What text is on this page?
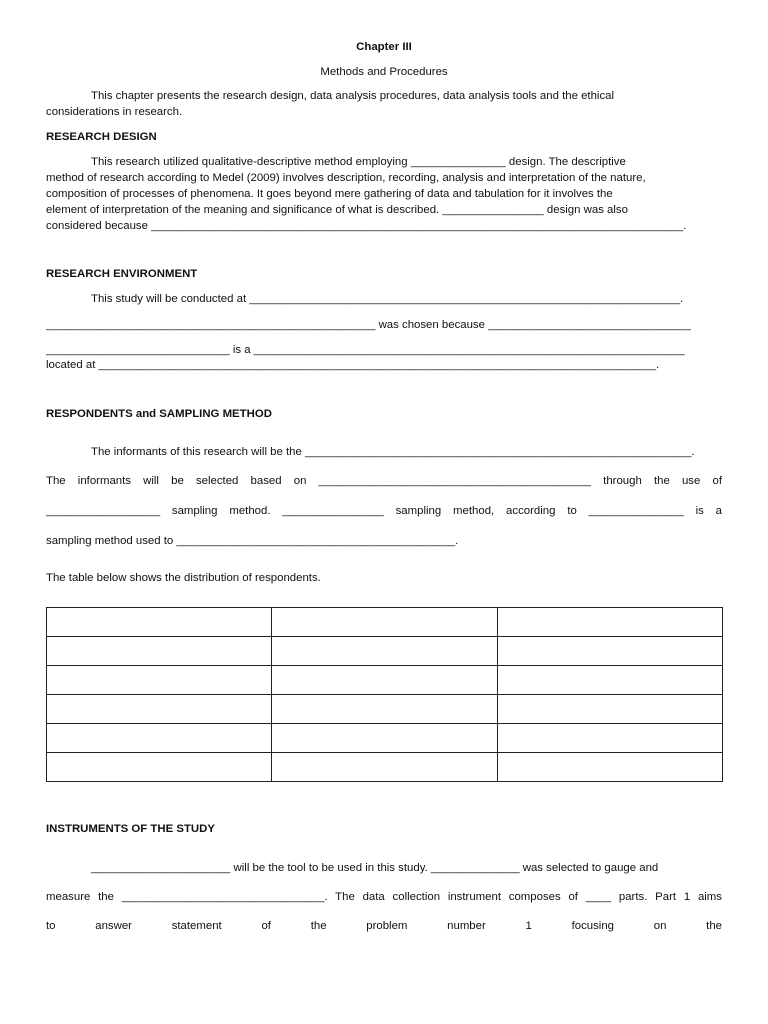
Chapter III
Methods and Procedures
This chapter presents the research design, data analysis procedures, data analysis tools and the ethical
considerations in research.
RESEARCH DESIGN
This research utilized qualitative-descriptive method employing _______________ design. The descriptive
method of research according to Medel (2009) involves description, recording, analysis and interpretation of the nature,
composition of processes of phenomena. It goes beyond mere gathering of data and tabulation for it involves the
element of interpretation of the meaning and significance of what is described. ________________ design was also
considered because ____________________________________________________________________________________.
RESEARCH ENVIRONMENT
This study will be conducted at ____________________________________________________________________.
____________________________________________________ was chosen because ________________________________
_____________________________ is a ____________________________________________________________________
located at ________________________________________________________________________________________.
RESPONDENTS and SAMPLING METHOD
The informants of this research will be the _____________________________________________________________.
The informants will be selected based on ___________________________________________ through the use of
__________________ sampling method. ________________ sampling method, according to _______________ is a
sampling method used to ____________________________________________.
The table below shows the distribution of respondents.

INSTRUMENTS OF THE STUDY
______________________ will be the tool to be used in this study. ______________ was selected to gauge and
measure the ________________________________. The data collection instrument composes of ____ parts. Part 1 aims
to answer statement of the problem number 1 focusing on the
